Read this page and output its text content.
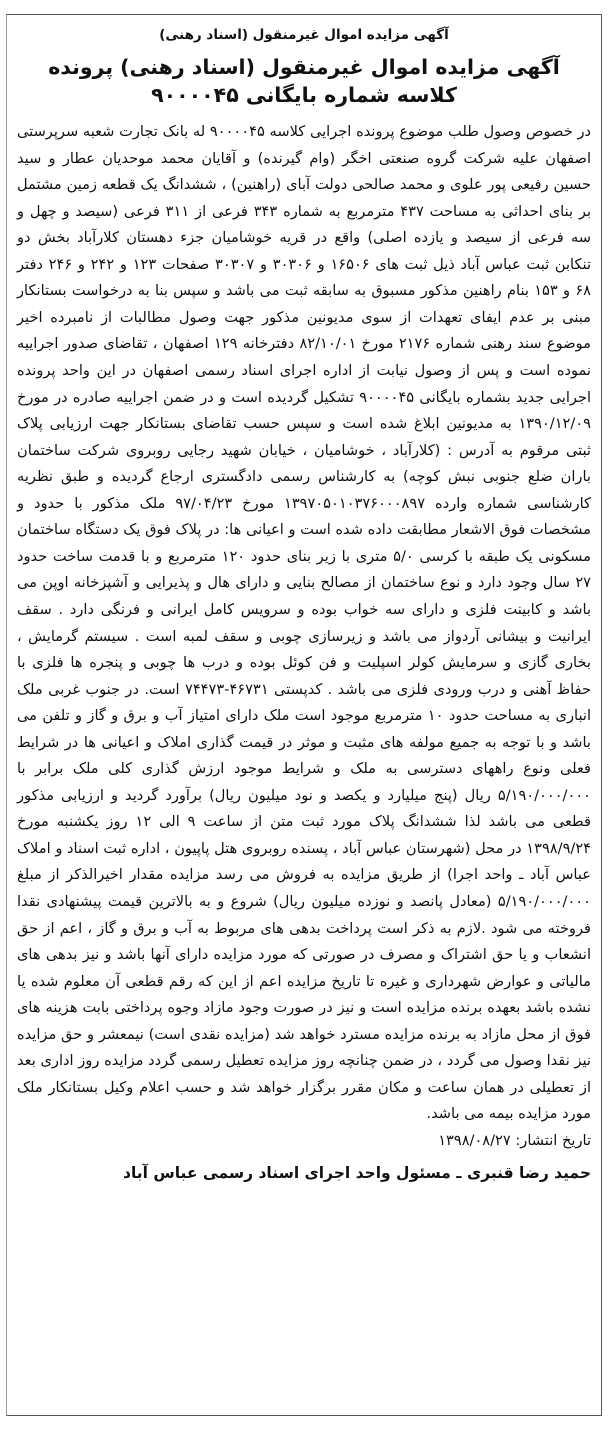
آگهی مزایده اموال غیرمنقول (اسناد رهنی)
آگهی مزایده اموال غیرمنقول (اسناد رهنی) پرونده کلاسه شماره بایگانی ۹۰۰۰۰۴۵

در خصوص وصول طلب موضوع پرونده اجرایی کلاسه ۹۰۰۰۰۴۵ له بانک تجارت شعبه سرپرستی اصفهان علیه شرکت گروه صنعتی اخگر (وام گیرنده) و آقایان محمد موحدیان عطار و سید حسین رفیعی پور علوی و محمد صالحی دولت آبای (راهنین) ، ششدانگ یک قطعه زمین مشتمل بر بنای احداثی به مساحت ۴۳۷ مترمربع به شماره ۳۴۳ فرعی از ۳۱۱ فرعی (سیصد و چهل و سه فرعی از سیصد و یازده اصلی) واقع در قریه خوشامیان جزء دهستان کلارآباد بخش دو تنکابن ثبت عباس آباد ذیل ثبت های ۱۶۵۰۶ و ۳۰۳۰۶ و ۳۰۳۰۷ صفحات ۱۲۳ و ۲۴۲ و ۲۴۶ دفتر ۶۸ و ۱۵۳ بنام راهنین مذکور مسبوق به سابقه ثبت می باشد و سپس بنا به درخواست بستانکار مبنی بر عدم ایفای تعهدات از سوی مدیونین مذکور جهت وصول مطالبات از نامبرده اخیر موضوع سند رهنی شماره ۲۱۷۶ مورخ ۸۲/۱۰/۰۱ دفترخانه ۱۲۹ اصفهان ، تقاضای صدور اجراییه نموده است و پس از وصول نیابت از اداره اجرای اسناد رسمی اصفهان در این واحد پرونده اجرایی جدید بشماره بایگانی ۹۰۰۰۰۴۵ تشکیل گردیده است و در ضمن اجراییه صادره در مورخ ۱۳۹۰/۱۲/۰۹ به مدیونین ابلاغ شده است و سپس حسب تقاضای بستانکار جهت ارزیابی پلاک ثبتی مرقوم به آدرس : (کلارآباد ، خوشامیان ، خیابان شهید رجایی روبروی شرکت ساختمان باران ضلع جنوبی نبش کوچه) به کارشناس رسمی دادگستری ارجاع گردیده و طبق نظریه کارشناسی شماره وارده ۱۳۹۷۰۵۰۱۰۳۷۶۰۰۰۸۹۷ مورخ ۹۷/۰۴/۲۳ ملک مذکور با حدود و مشخصات فوق الاشعار مطابقت داده شده است و اعیانی ها: در پلاک فوق یک دستگاه ساختمان مسکونی یک طبقه با کرسی ۵/۰ متری با زیر بنای حدود ۱۲۰ مترمربع و با قدمت ساخت حدود ۲۷ سال وجود دارد و نوع ساختمان از مصالح بنایی و دارای هال و پذیرایی و آشپزخانه اوپن می باشد و کابینت فلزی و دارای سه خواب بوده و سرویس کامل ایرانی و فرنگی دارد . سقف ایرانیت و بیشانی آردواز می باشد و زیرسازی چوبی و سقف لمبه است . سیستم گرمایش ، بخاری گازی و سرمایش کولر اسپلیت و فن کوئل بوده و درب ها چوبی و پنجره ها فلزی با حفاظ آهنی و درب ورودی فلزی می باشد . کدپستی ۴۶۷۳۱-۷۴۴۷۳ است. در جنوب غربی ملک انباری به مساحت حدود ۱۰ مترمربع موجود است ملک دارای امتیاز آب و برق و گاز و تلفن می باشد و با توجه به جمیع مولفه های مثبت و موثر در قیمت گذاری املاک و اعیانی ها در شرایط فعلی ونوع راههای دسترسی به ملک و شرایط موجود ارزش گذاری کلی ملک برابر با ۵/۱۹۰/۰۰۰/۰۰۰ ریال (پنج میلیارد و یکصد و نود میلیون ریال) برآورد گردید و ارزیابی مذکور قطعی می باشد لذا ششدانگ پلاک مورد ثبت متن از ساعت ۹ الی ۱۲ روز یکشنبه مورخ ۱۳۹۸/۹/۲۴ در محل (شهرستان عباس آباد ، پسنده روبروی هتل پاپیون ، اداره ثبت اسناد و املاک عباس آباد ـ واحد اجرا) از طریق مزایده به فروش می رسد مزایده مقدار اخیرالذکر از مبلغ ۵/۱۹۰/۰۰۰/۰۰۰ (معادل پانصد و نوزده میلیون ریال) شروع و به بالاترین قیمت پیشنهادی نقدا فروخته می شود .لازم به ذکر است پرداخت بدهی های مربوط به آب و برق و گاز ، اعم از حق انشعاب و یا حق اشتراک و مصرف در صورتی که مورد مزایده دارای آنها باشد و نیز بدهی های مالیاتی و عوارض شهرداری و غیره تا تاریخ مزایده اعم از این که رقم قطعی آن معلوم شده یا نشده باشد بعهده برنده مزایده است و نیز در صورت وجود مازاد وجوه پرداختی بابت هزینه های فوق از محل مازاد به برنده مزایده مسترد خواهد شد (مزایده نقدی است) نیمعشر و حق مزایده نیز نقدا وصول می گردد ، در ضمن چنانچه روز مزایده تعطیل رسمی گردد مزایده روز اداری بعد از تعطیلی در همان ساعت و مکان مقرر برگزار خواهد شد و حسب اعلام وکیل بستانکار ملک مورد مزایده بیمه می باشد.

تاریخ انتشار: ۱۳۹۸/۰۸/۲۷
حمید رضا قنبری ـ مسئول واحد اجرای اسناد رسمی عباس آباد
